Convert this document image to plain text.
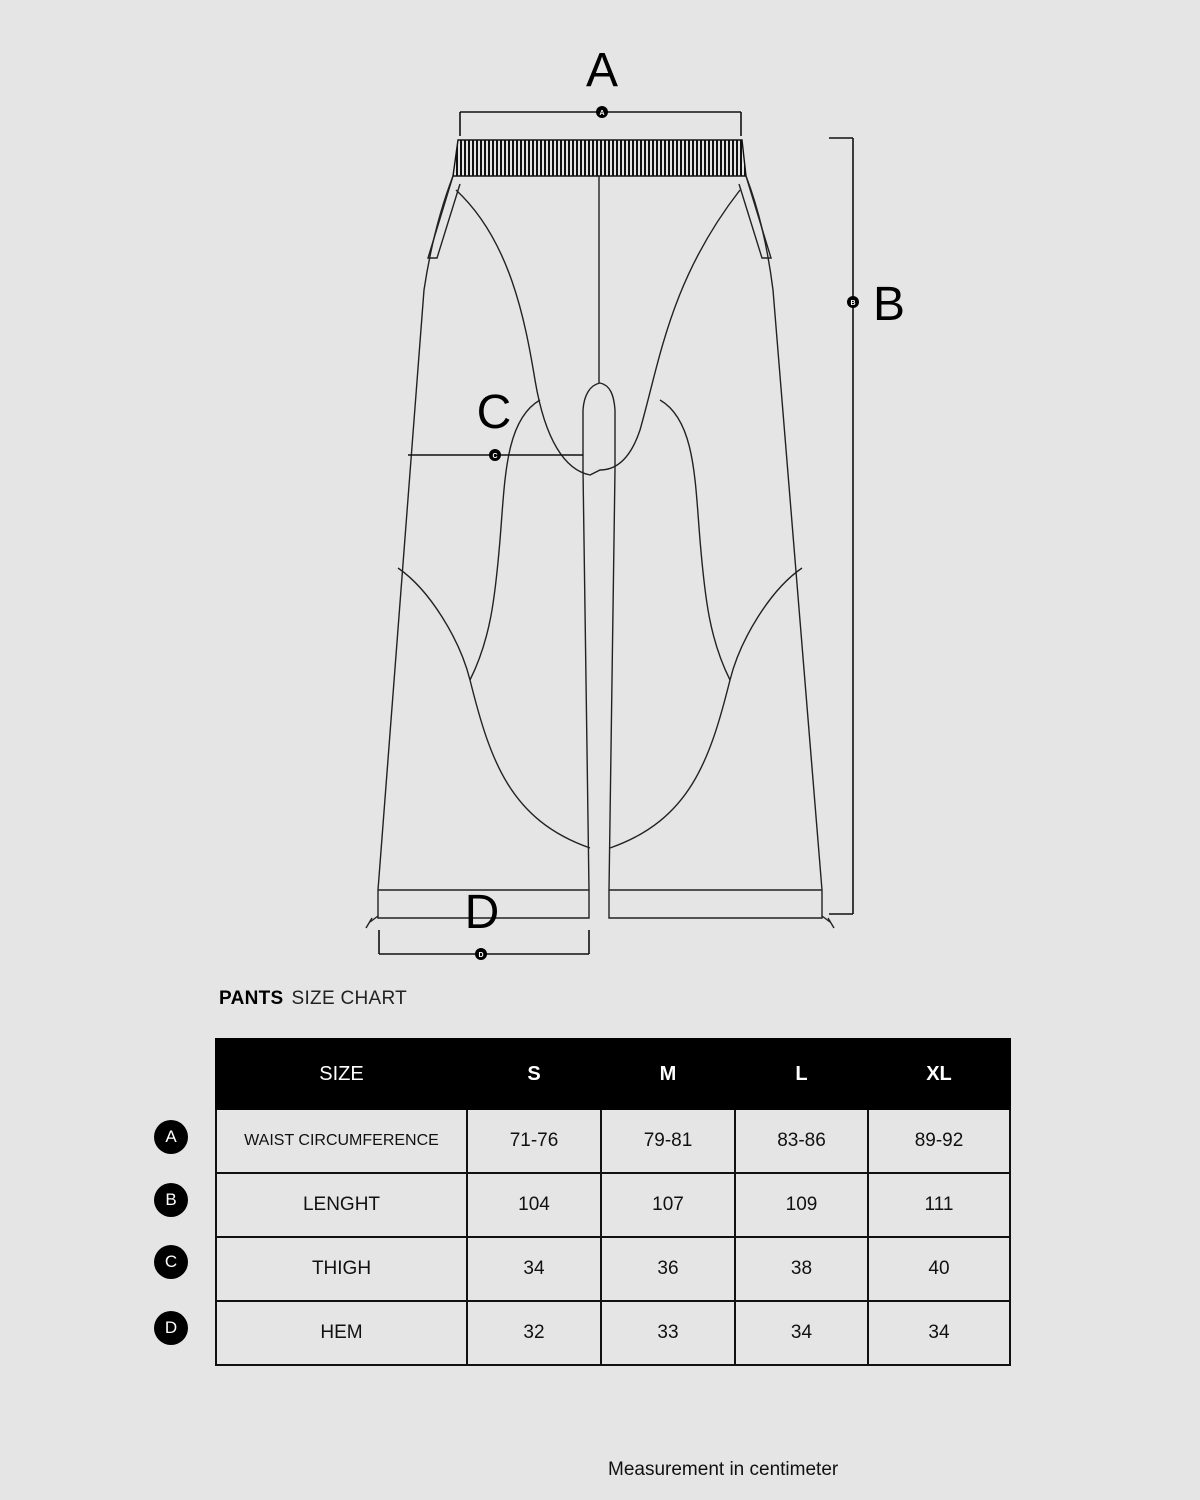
A
A
B B
C
C
D
D
PANTS SIZE CHART
A
B
C
D
SIZE	S	M	L	XL
WAIST CIRCUMFERENCE	71-76	79-81	83-86	89-92
LENGHT	104	107	109	111
THIGH	34	36	38	40
HEM	32	33	34	34
Measurement in centimeter
